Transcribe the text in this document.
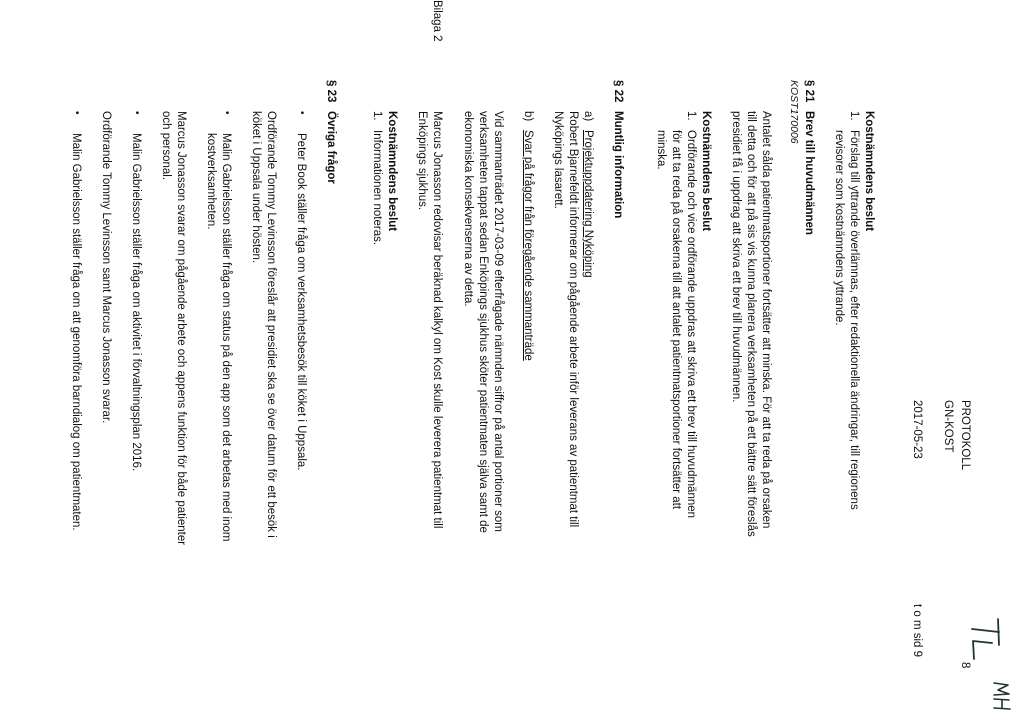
PROTOKOLL
8
GN-KOST
2017-05-23
t o m sid 9
Kostnämndens beslut
1.
Förslag till yttrande överlämnas, efter redaktionella ändringar, till regionens
revisorer som kostnämndens yttrande.
§ 21
Brev till huvudmännen
KOST170006
Antalet sålda patientmatsportioner fortsätter att minska. För att ta reda på orsaken
till detta och för att på sis vis kunna planera verksamheten på ett bättre sätt föreslås
presidiet få i uppdrag att skriva ett brev till huvudmännen.
Kostnämndens beslut
1.
Ordförande och vice ordförande uppdras att skriva ett brev till huvudmännen
för att ta reda på orsakerna till att antalet patientmatsportioner fortsätter att
minska.
§ 22
Muntlig information
a)
Projektuppdatering Nyköping
Robert Bjarnefeldt informerar om pågående arbete inför leverans av patientmat till
Nyköpings lasarett.
b)
Svar på frågor från föregående sammanträde
Vid sammanträdet 2017-03-09 efterfrågade nämnden siffror på antal portioner som
verksamheten tappat sedan Enköpings sjukhus sköter patientmaten själva samt de
ekonomiska konsekvenserna av detta.
Bilaga 2
Marcus Jonasson redovisar beräknad kalkyl om Kost skulle leverera patientmat till
Enköpings sjukhus.
Kostnämndens beslut
1.
Informationen noteras.
§ 23
Övriga frågor
•
Peter Book ställer fråga om verksamhetsbesök till köket i Uppsala.
Ordförande Tommy Levinsson föreslår att presidiet ska se över datum för ett besök i
köket i Uppsala under hösten.
•
Malin Gabrielsson ställer fråga om status på den app som det arbetas med inom
kostverksamheten.
Marcus Jonasson svarar om pågående arbete och appens funktion för både patienter
och personal.
•
Malin Gabrielsson ställer fråga om aktivitet i förvaltningsplan 2016.
Ordförande Tommy Levinsson samt Marcus Jonasson svarar.
•
Malin Gabrielsson ställer fråga om att genomföra barndialog om patientmaten.
